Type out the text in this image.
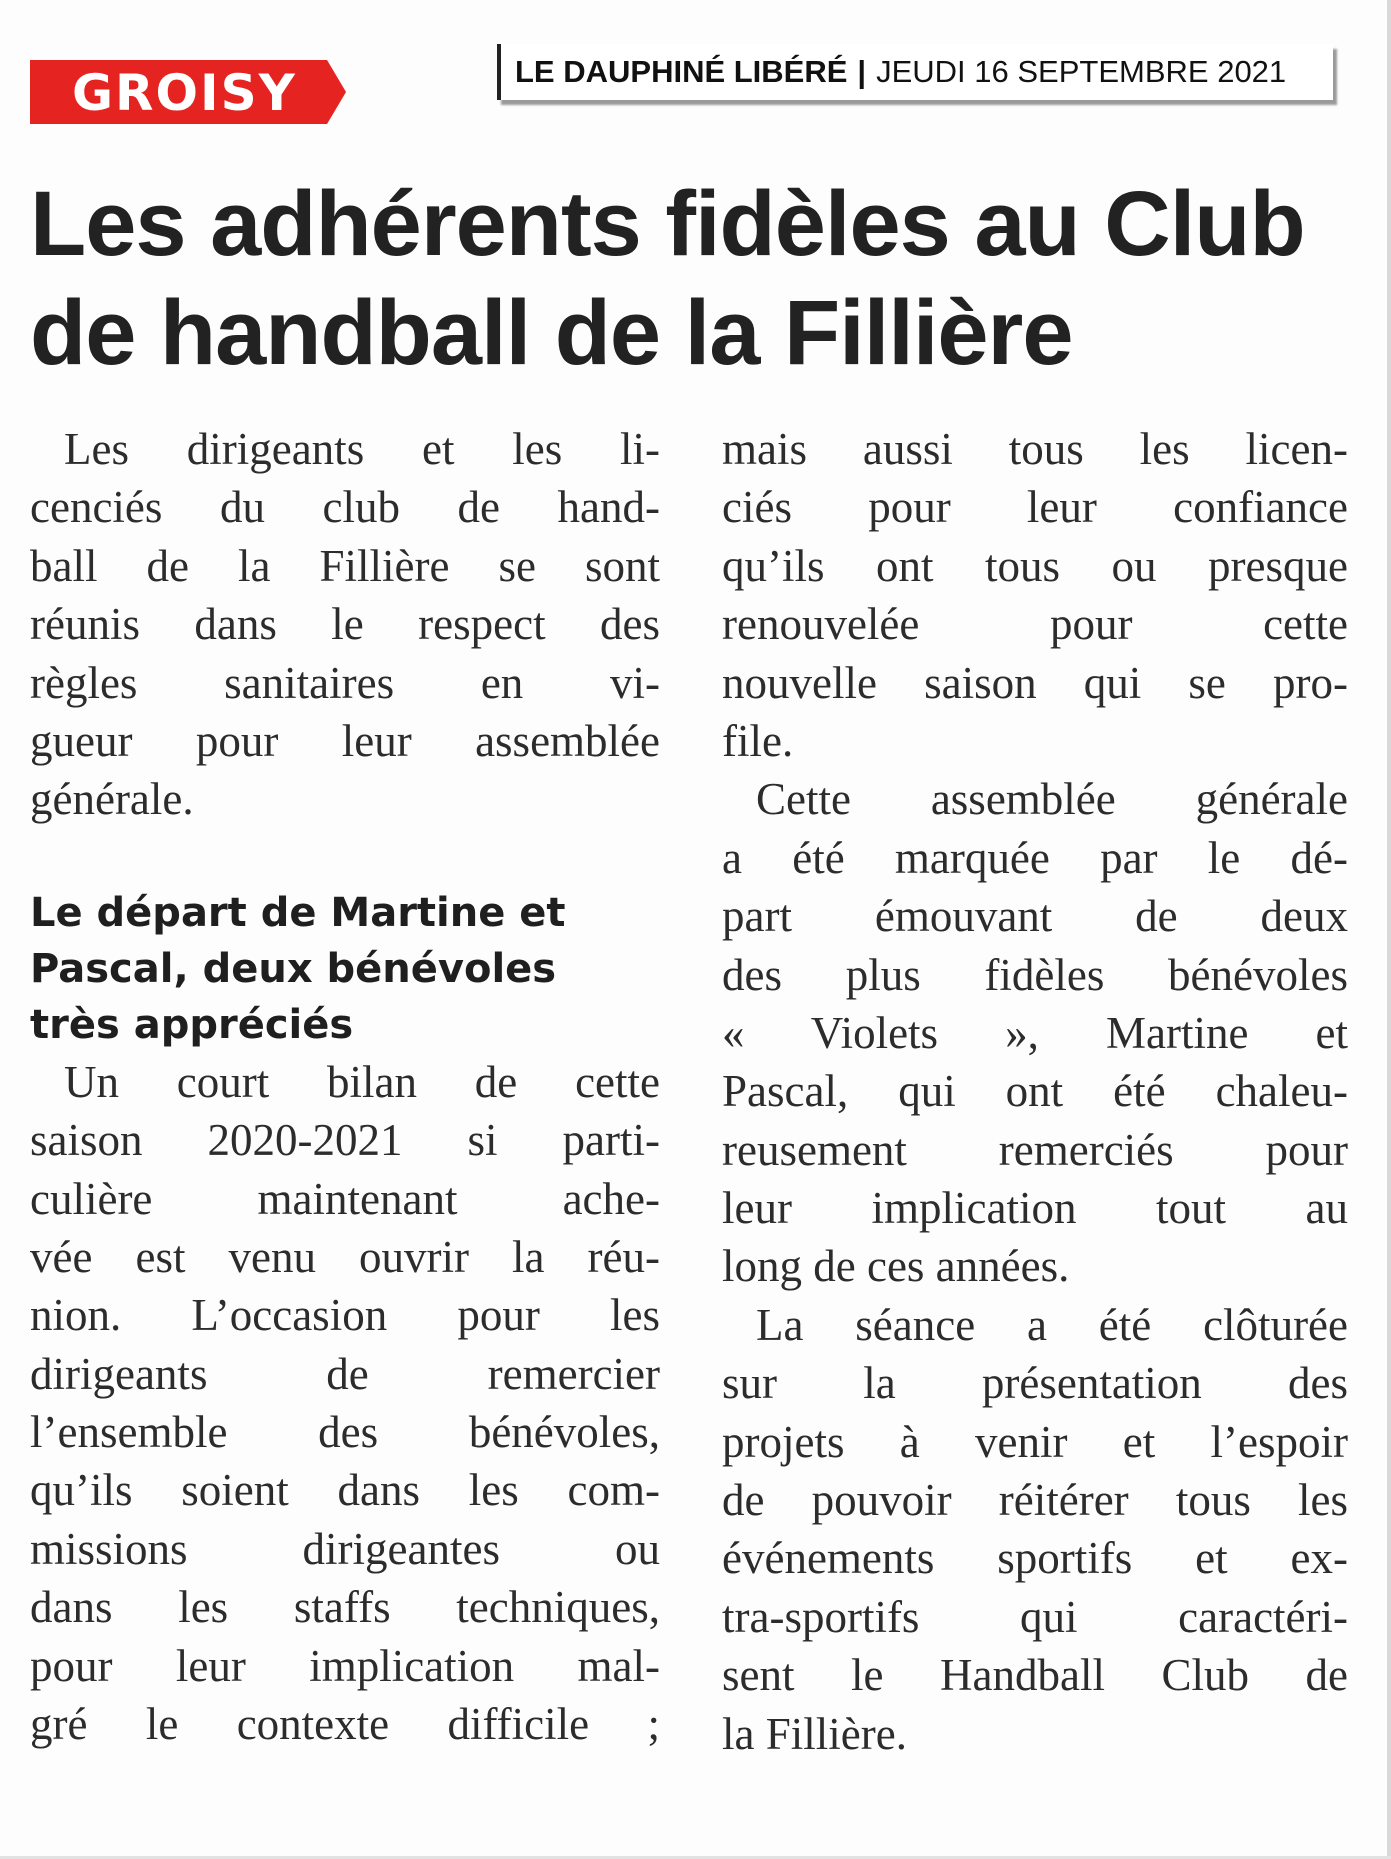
GROISY	LE DAUPHINÉ LIBÉRÉ | JEUDI 16 SEPTEMBRE 2021
Les adhérents fidèles au Club
de handball de la Fillière
Les dirigeants et les li-
cenciés du club de hand-
ball de la Fillière se sont
réunis dans le respect des
règles sanitaires en vi-
gueur pour leur assemblée
générale.
Le départ de Martine et
Pascal, deux bénévoles
très appréciés
Un court bilan de cette
saison 2020-2021 si parti-
culière maintenant ache-
vée est venu ouvrir la réu-
nion. L’occasion pour les
dirigeants de remercier
l’ensemble des bénévoles,
qu’ils soient dans les com-
missions dirigeantes ou
dans les staffs techniques,
pour leur implication mal-
gré le contexte difficile ;
mais aussi tous les licen-
ciés pour leur confiance
qu’ils ont tous ou presque
renouvelée pour cette
nouvelle saison qui se pro-
file.
Cette assemblée générale
a été marquée par le dé-
part émouvant de deux
des plus fidèles bénévoles
« Violets », Martine et
Pascal, qui ont été chaleu-
reusement remerciés pour
leur implication tout au
long de ces années.
La séance a été clôturée
sur la présentation des
projets à venir et l’espoir
de pouvoir réitérer tous les
événements sportifs et ex-
tra-sportifs qui caractéri-
sent le Handball Club de
la Fillière.
